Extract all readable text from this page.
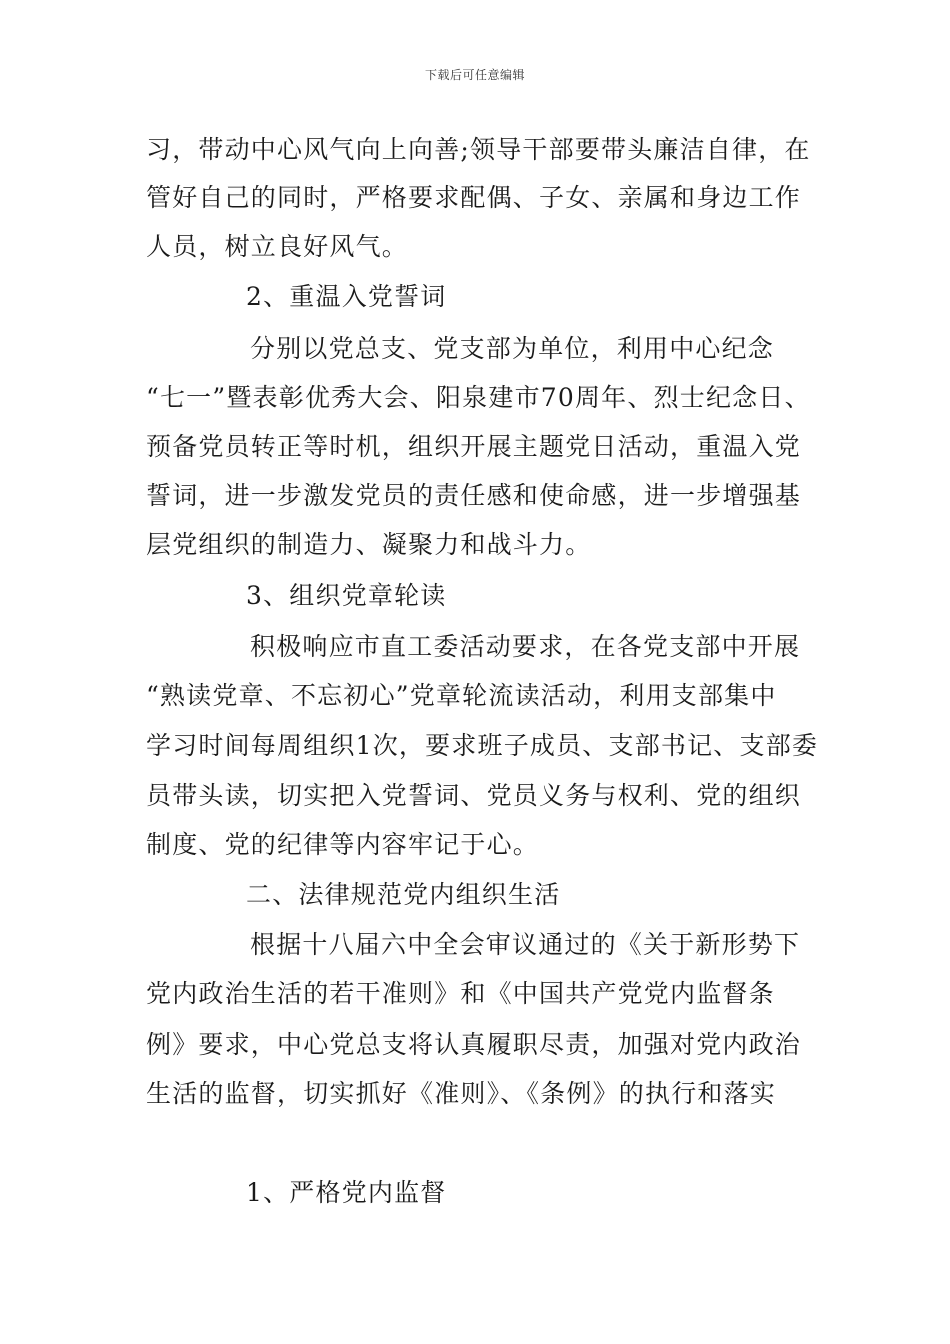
下载后可任意编辑
习，带动中心风气向上向善;领导干部要带头廉洁自律，在
管好自己的同时，严格要求配偶、子女、亲属和身边工作
人员，树立良好风气。
2、重温入党誓词
分别以党总支、党支部为单位，利用中心纪念
“七一”暨表彰优秀大会、阳泉建市70周年、烈士纪念日、
预备党员转正等时机，组织开展主题党日活动，重温入党
誓词，进一步激发党员的责任感和使命感，进一步增强基
层党组织的制造力、凝聚力和战斗力。
3、组织党章轮读
积极响应市直工委活动要求，在各党支部中开展
“熟读党章、不忘初心”党章轮流读活动，利用支部集中
学习时间每周组织1次，要求班子成员、支部书记、支部委
员带头读，切实把入党誓词、党员义务与权利、党的组织
制度、党的纪律等内容牢记于心。
二、法律规范党内组织生活
根据十八届六中全会审议通过的《关于新形势下
党内政治生活的若干准则》和《中国共产党党内监督条
例》要求，中心党总支将认真履职尽责，加强对党内政治
生活的监督，切实抓好《准则》、《条例》的执行和落实
1、严格党内监督
